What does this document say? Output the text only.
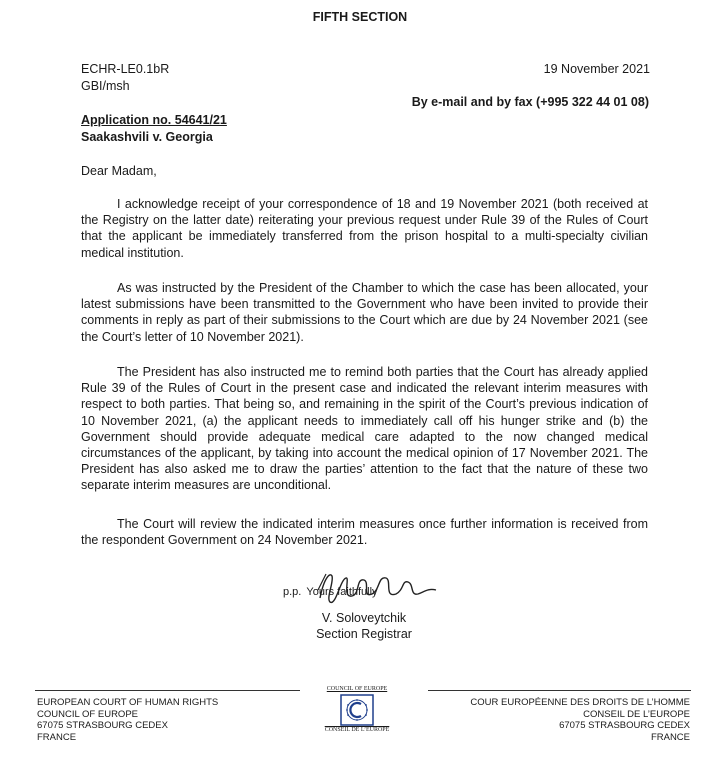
FIFTH SECTION
ECHR-LE0.1bR
GBI/msh
19 November 2021
By e-mail and by fax (+995 322 44 01 08)
Application no. 54641/21
Saakashvili v. Georgia
Dear Madam,

I acknowledge receipt of your correspondence of 18 and 19 November 2021 (both received at the Registry on the latter date) reiterating your previous request under Rule 39 of the Rules of Court that the applicant be immediately transferred from the prison hospital to a multi-specialty civilian medical institution.

As was instructed by the President of the Chamber to which the case has been allocated, your latest submissions have been transmitted to the Government who have been invited to provide their comments in reply as part of their submissions to the Court which are due by 24 November 2021 (see the Court’s letter of 10 November 2021).

The President has also instructed me to remind both parties that the Court has already applied Rule 39 of the Rules of Court in the present case and indicated the relevant interim measures with respect to both parties. That being so, and remaining in the spirit of the Court’s previous indication of 10 November 2021, (a) the applicant needs to immediately call off his hunger strike and (b) the Government should provide adequate medical care adapted to the now changed medical circumstances of the applicant, by taking into account the medical opinion of 17 November 2021. The President has also asked me to draw the parties’ attention to the fact that the nature of these two separate interim measures are unconditional.

The Court will review the indicated interim measures once further information is received from the respondent Government on 24 November 2021.

p.p. Yours faithfully
V. Soloveytchik
Section Registrar
EUROPEAN COURT OF HUMAN RIGHTS
COUNCIL OF EUROPE
67075 STRASBOURG CEDEX
FRANCE
COUNCIL OF EUROPE
CONSEIL DE L’EUROPE
COUR EUROPÉENNE DES DROITS DE L’HOMME
CONSEIL DE L’EUROPE
67075 STRASBOURG CEDEX
FRANCE
